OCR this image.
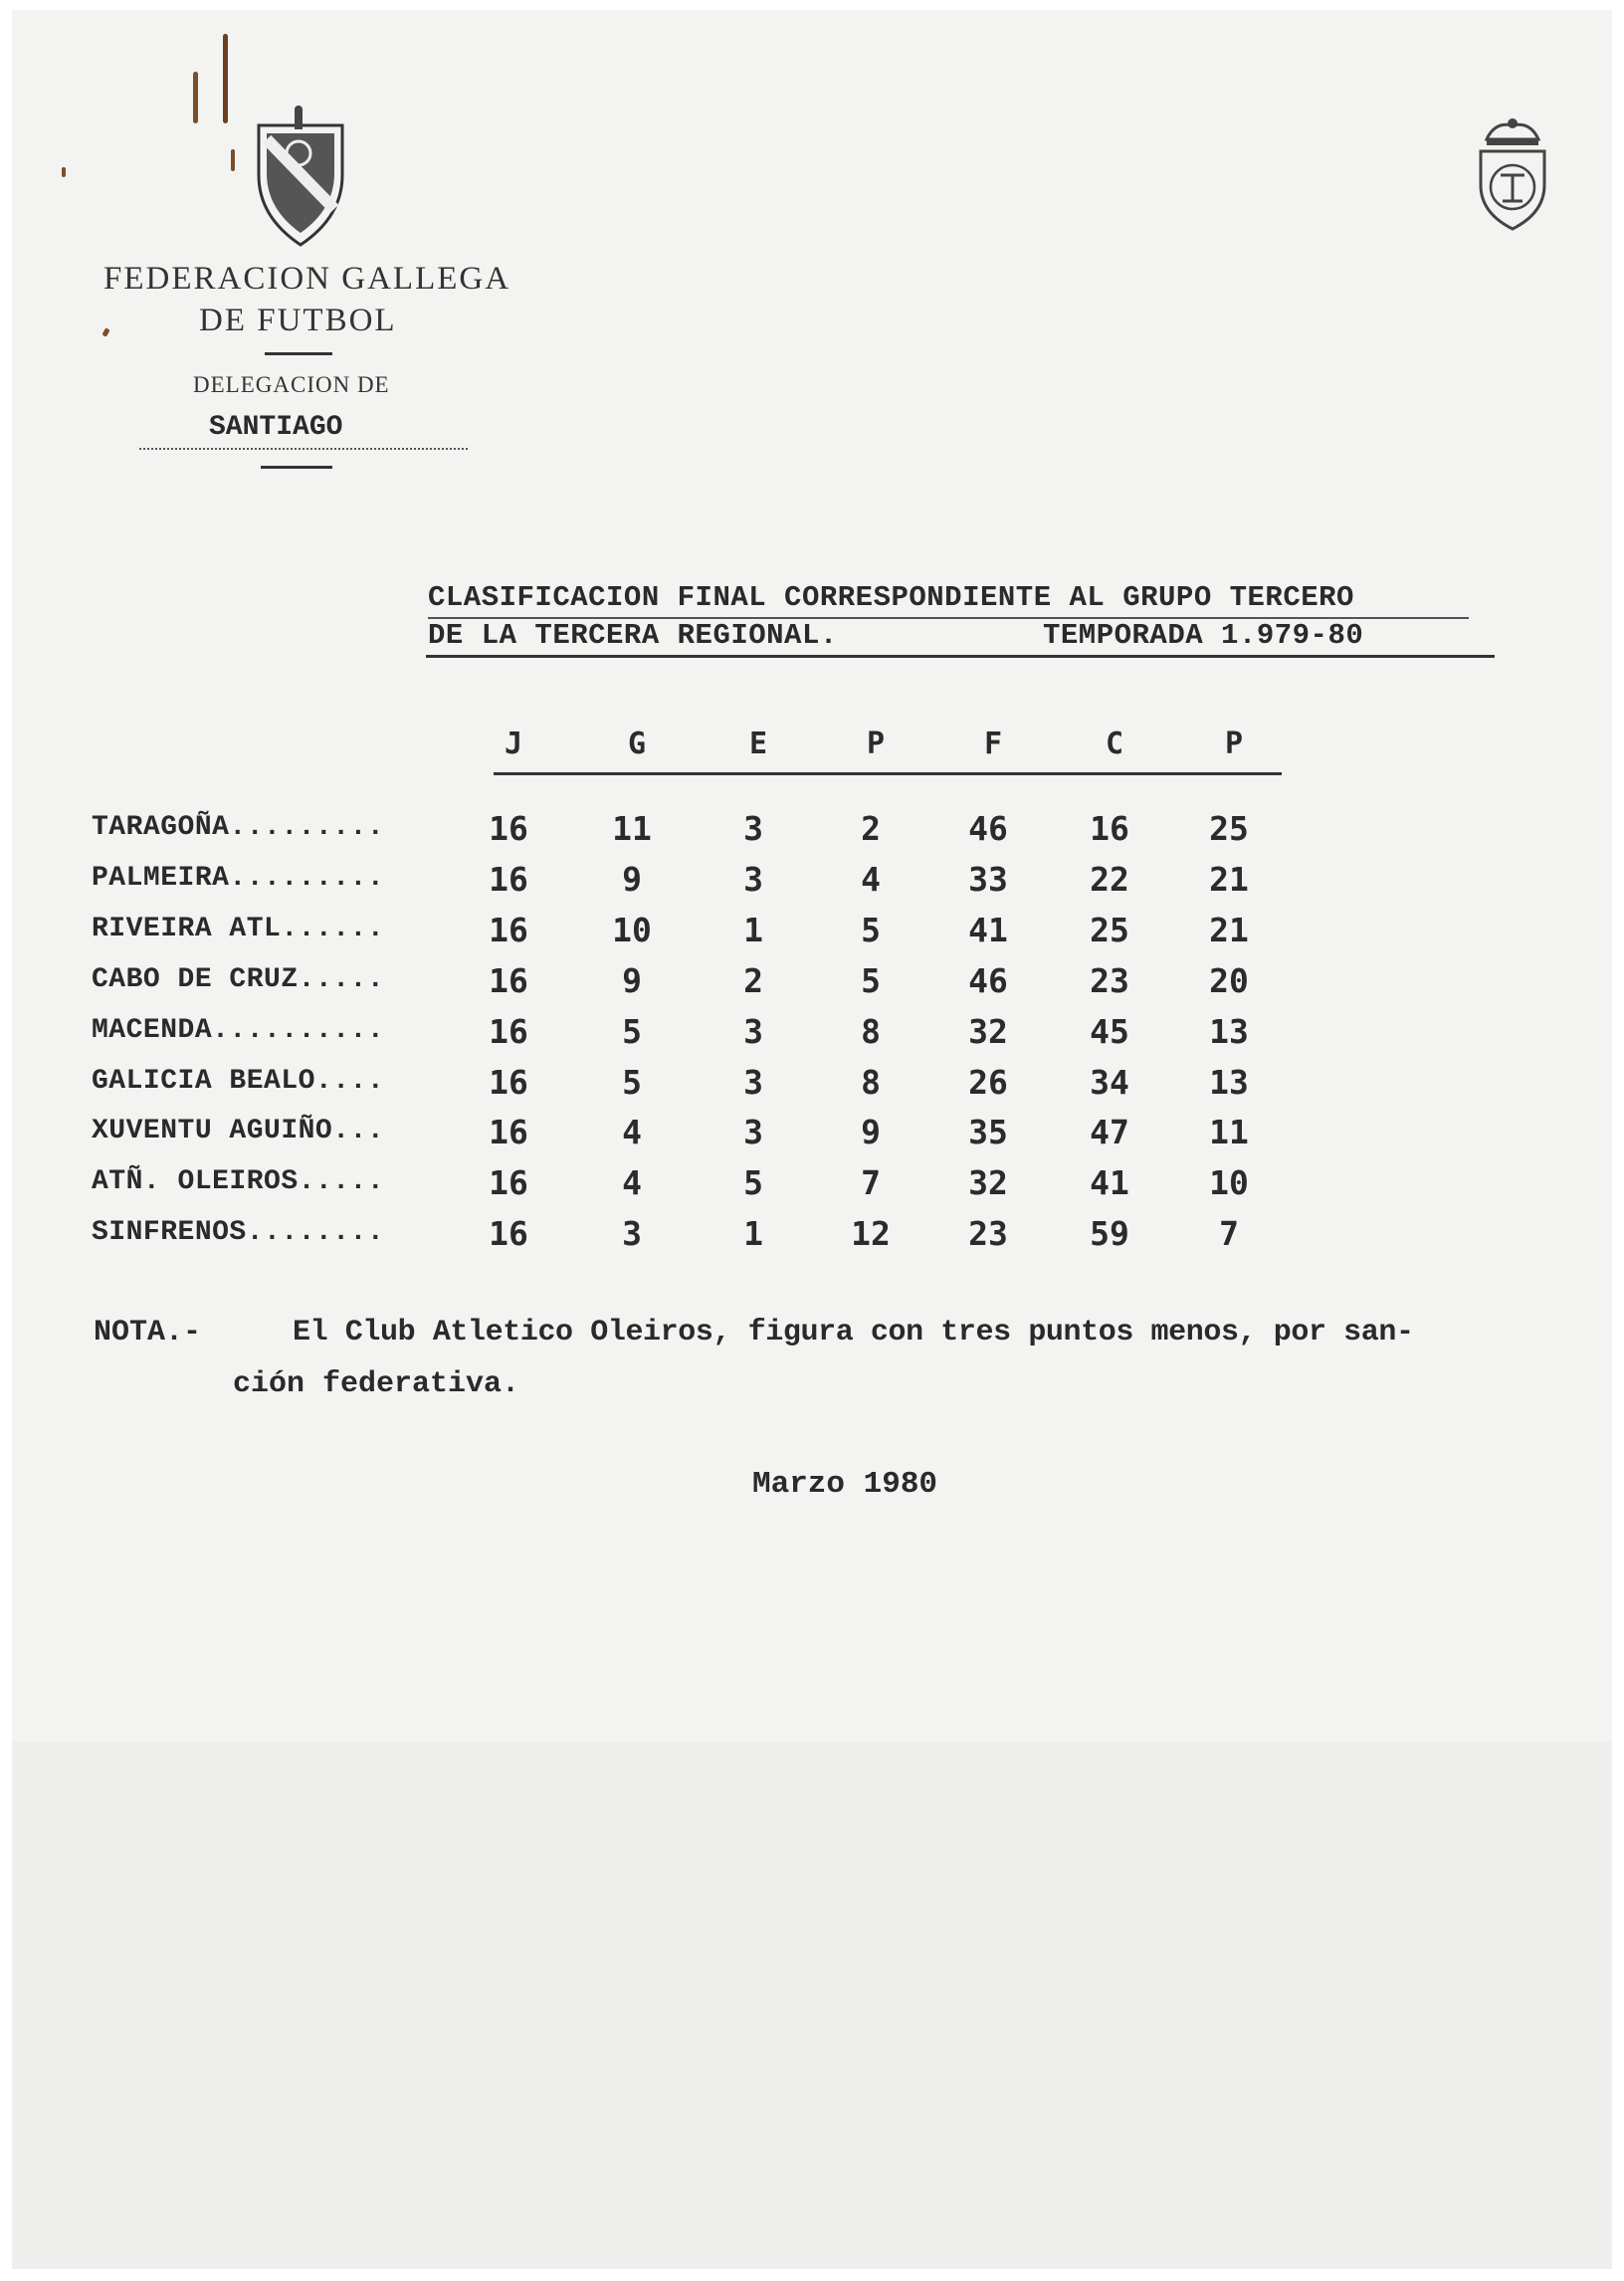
FEDERACION GALLEGA
DE FUTBOL
DELEGACION DE
SANTIAGO
CLASIFICACION FINAL CORRESPONDIENTE AL GRUPO TERCERO
DE LA TERCERA REGIONAL.	TEMPORADA 1.979-80
J	G	E	P	F	C	P
TARAGOÑA.........	16	11	3	2	46	16	25
PALMEIRA.........	16	9	3	4	33	22	21
RIVEIRA ATL......	16	10	1	5	41	25	21
CABO DE CRUZ.....	16	9	2	5	46	23	20
MACENDA..........	16	5	3	8	32	45	13
GALICIA BEALO....	16	5	3	8	26	34	13
XUVENTU AGUIÑO...	16	4	3	9	35	47	11
ATÑ. OLEIROS.....	16	4	5	7	32	41	10
SINFRENOS........	16	3	1	12	23	59	7
NOTA.-	El Club Atletico Oleiros, figura con tres puntos menos, por san-
ción federativa.
Marzo 1980
